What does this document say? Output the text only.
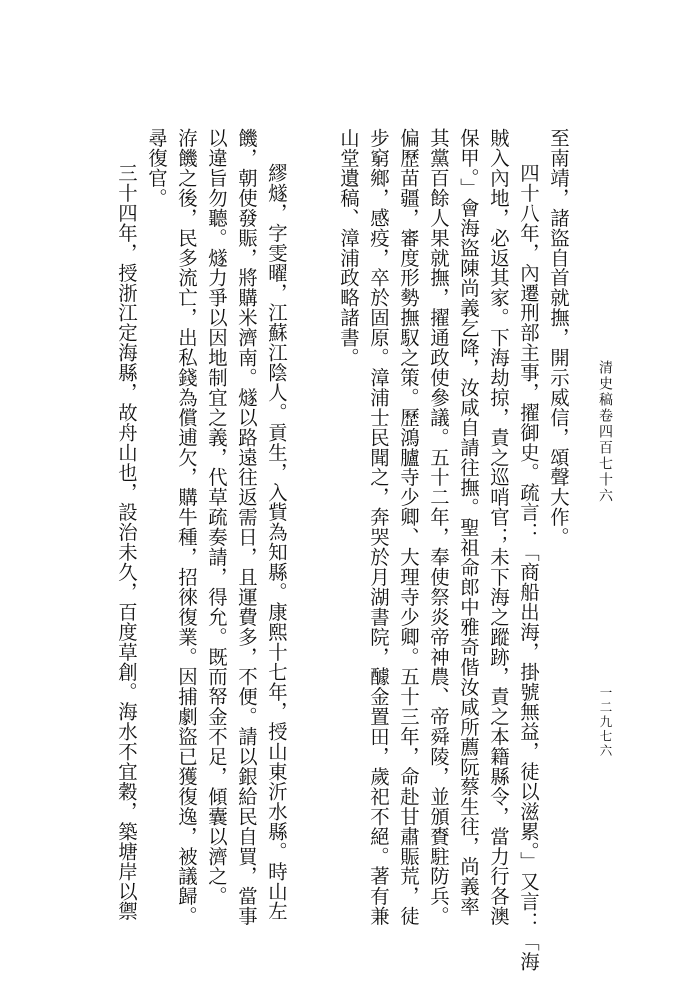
清史稿卷四百七十六
一二九七六
至南靖，諸盜自首就撫，開示威信，頌聲大作。
四十八年，內遷刑部主事，擢御史。疏言：「商船出海，掛號無益，徒以滋累。」又言：「海
賊入內地，必返其家。下海劫掠，責之巡哨官；未下海之蹤跡，責之本籍縣令，當力行各澳
保甲。」會海盜陳尚義乞降，汝咸自請往撫。聖祖命郎中雅奇偕汝咸所薦阮蔡生往，尚義率
其黨百餘人果就撫，擢通政使參議。五十二年，奉使祭炎帝神農、帝舜陵，並頒賚駐防兵。
偏歷苗疆，審度形勢撫馭之策。歷鴻臚寺少卿、大理寺少卿。五十三年，命赴甘肅賑荒，徒
步窮鄉，感疫，卒於固原。漳浦士民聞之，奔哭於月湖書院，醵金置田，歲祀不絕。著有兼
山堂遺稿、漳浦政略諸書。
繆燧，字雯曜，江蘇江陰人。貢生，入貲為知縣。康熙十七年，授山東沂水縣。時山左
饑，朝使發賑，將購米濟南。燧以路遠往返需日，且運費多，不便。請以銀給民自買，當事
以違旨勿聽。燧力爭以因地制宜之義，代草疏奏請，得允。既而帑金不足，傾囊以濟之。
洊饑之後，民多流亡，出私錢為償逋欠，購牛種，招徠復業。因捕劇盜已獲復逸，被議歸。
尋復官。
三十四年，授浙江定海縣，故舟山也，設治未久，百度草創。海水不宜穀，築塘岸以禦
